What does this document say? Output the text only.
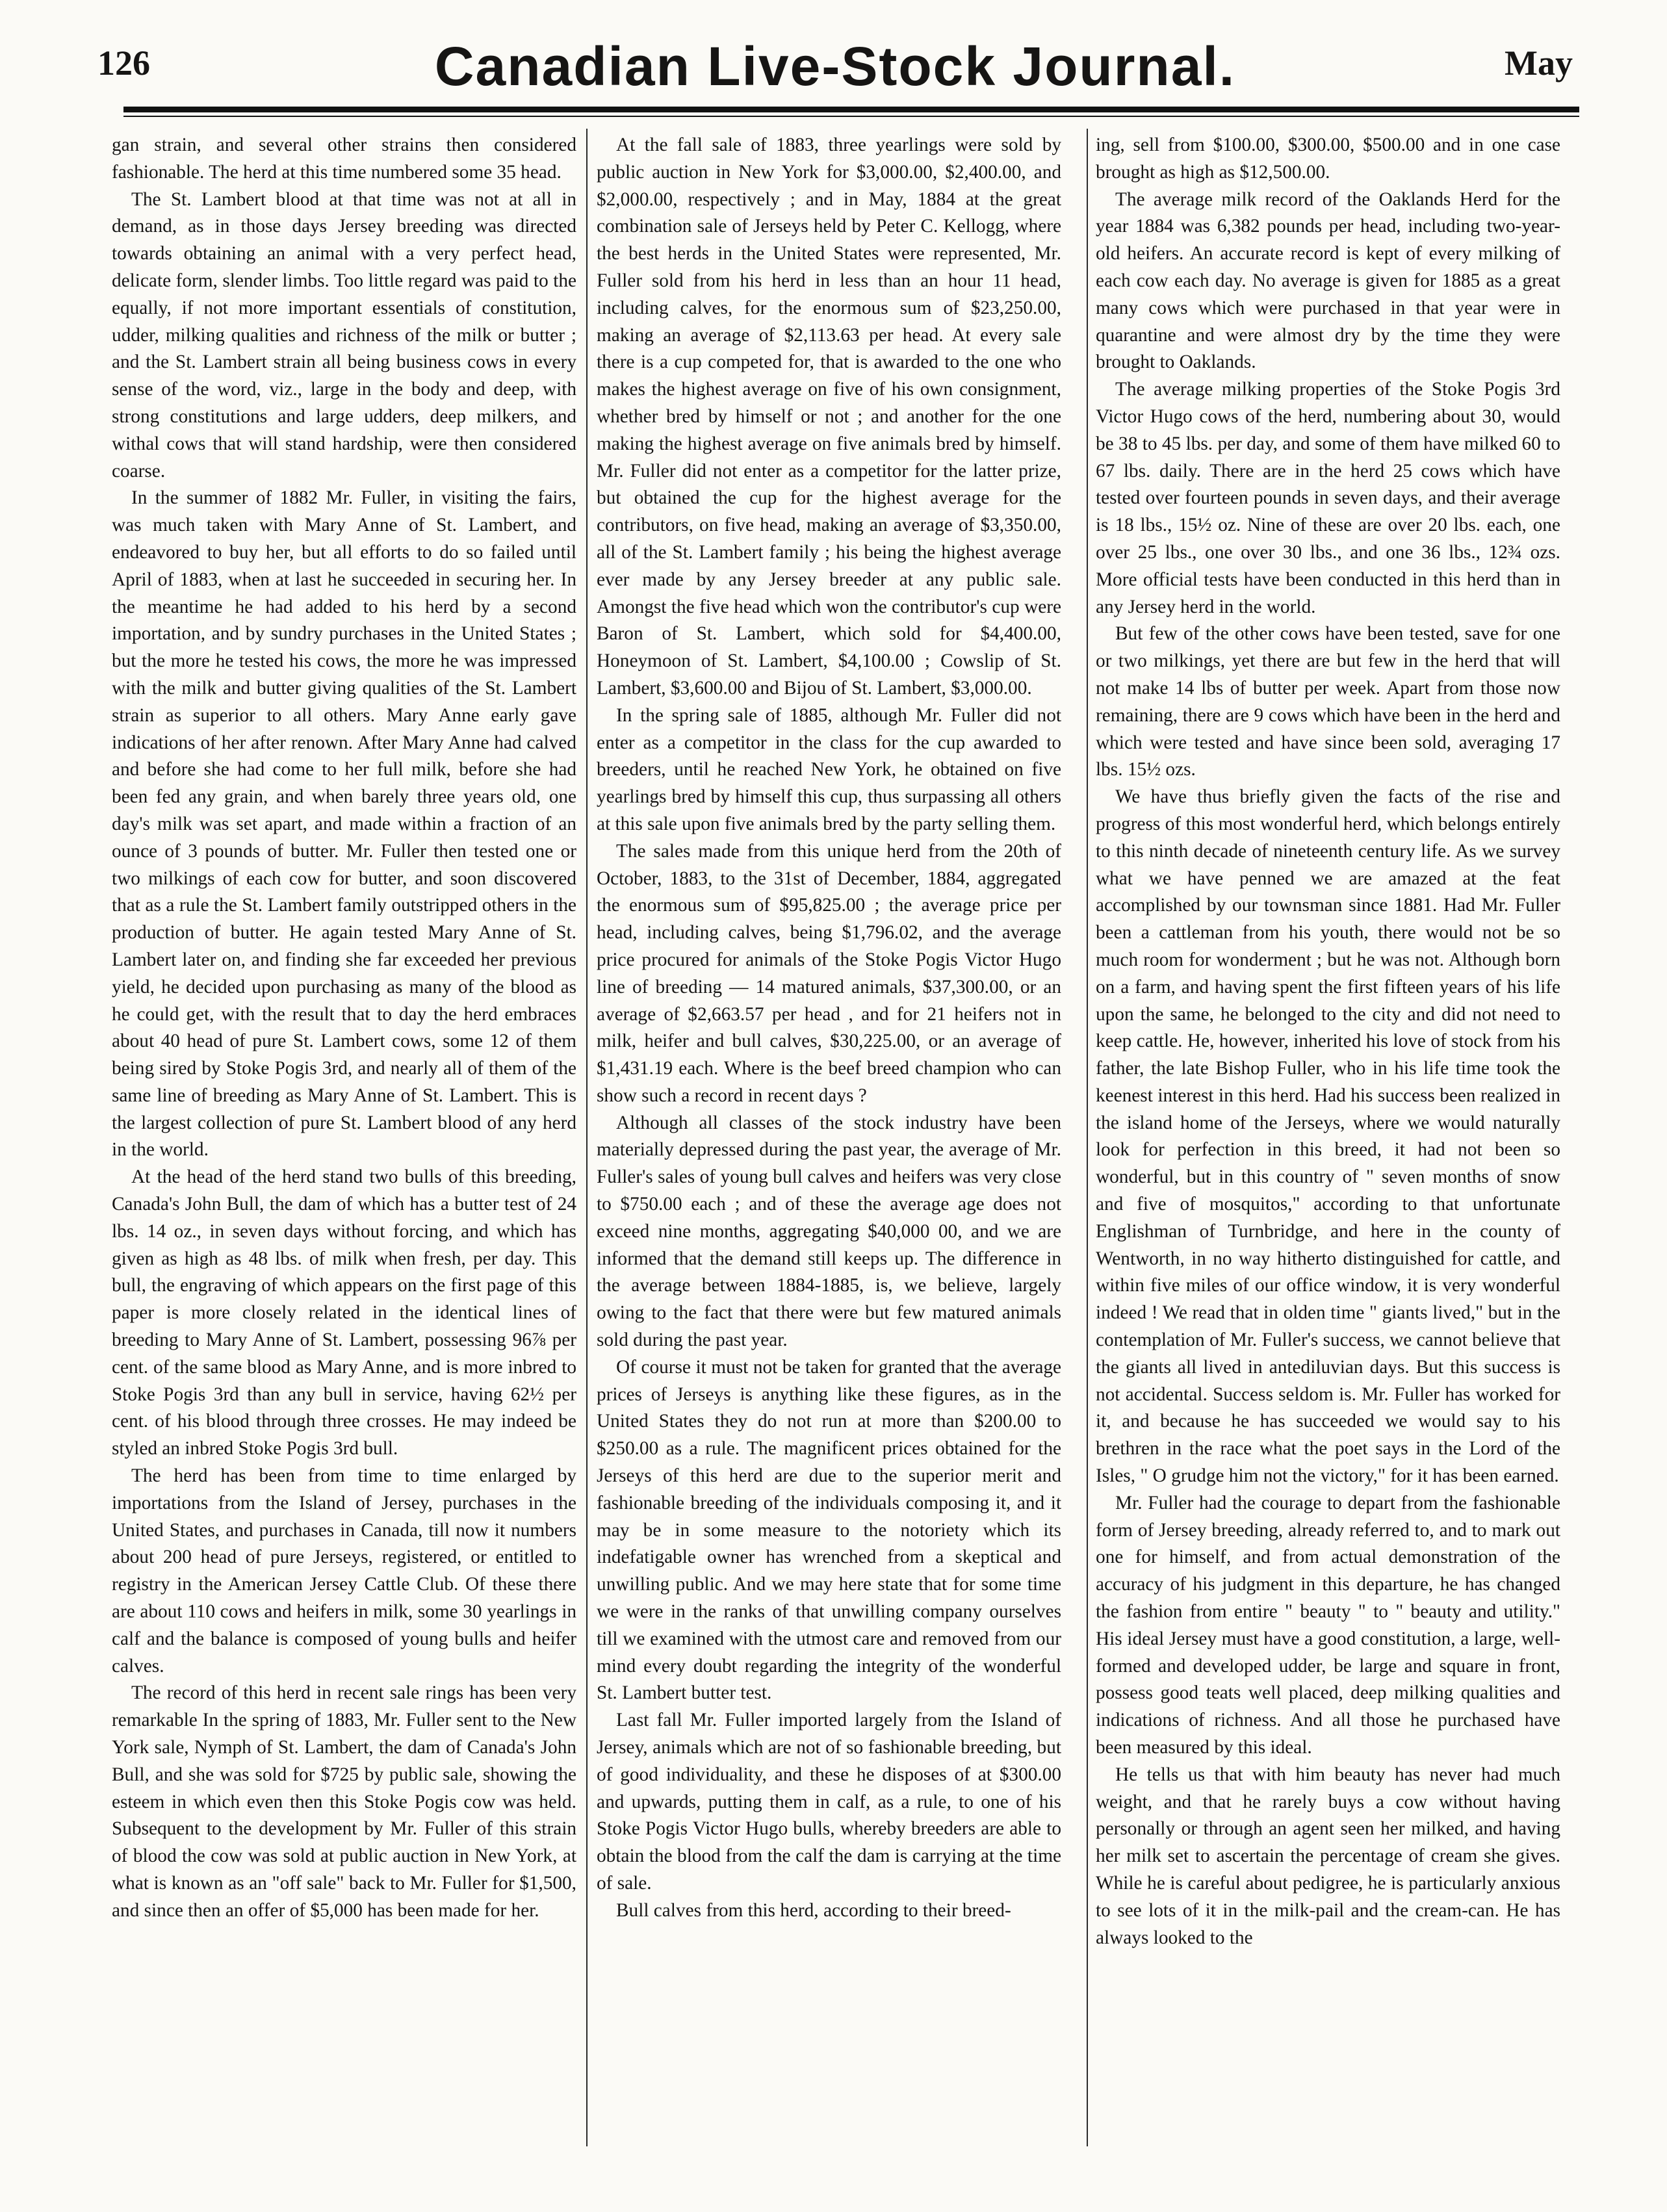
126	Canadian Live-Stock Journal.	May

gan strain, and several other strains then considered fashionable. The herd at this time numbered some 35 head.

The St. Lambert blood at that time was not at all in demand, as in those days Jersey breeding was directed towards obtaining an animal with a very perfect head, delicate form, slender limbs. Too little regard was paid to the equally, if not more important essentials of constitution, udder, milking qualities and richness of the milk or butter ; and the St. Lambert strain all being business cows in every sense of the word, viz., large in the body and deep, with strong constitutions and large udders, deep milkers, and withal cows that will stand hardship, were then considered coarse.

In the summer of 1882 Mr. Fuller, in visiting the fairs, was much taken with Mary Anne of St. Lambert, and endeavored to buy her, but all efforts to do so failed until April of 1883, when at last he succeeded in securing her. In the meantime he had added to his herd by a second importation, and by sundry purchases in the United States ; but the more he tested his cows, the more he was impressed with the milk and butter giving qualities of the St. Lambert strain as superior to all others. Mary Anne early gave indications of her after renown. After Mary Anne had calved and before she had come to her full milk, before she had been fed any grain, and when barely three years old, one day's milk was set apart, and made within a fraction of an ounce of 3 pounds of butter. Mr. Fuller then tested one or two milkings of each cow for butter, and soon discovered that as a rule the St. Lambert family outstripped others in the production of butter. He again tested Mary Anne of St. Lambert later on, and finding she far exceeded her previous yield, he decided upon purchasing as many of the blood as he could get, with the result that to day the herd embraces about 40 head of pure St. Lambert cows, some 12 of them being sired by Stoke Pogis 3rd, and nearly all of them of the same line of breeding as Mary Anne of St. Lambert. This is the largest collection of pure St. Lambert blood of any herd in the world.

At the head of the herd stand two bulls of this breeding, Canada's John Bull, the dam of which has a butter test of 24 lbs. 14 oz., in seven days without forcing, and which has given as high as 48 lbs. of milk when fresh, per day. This bull, the engraving of which appears on the first page of this paper is more closely related in the identical lines of breeding to Mary Anne of St. Lambert, possessing 96⅞ per cent. of the same blood as Mary Anne, and is more inbred to Stoke Pogis 3rd than any bull in service, having 62½ per cent. of his blood through three crosses. He may indeed be styled an inbred Stoke Pogis 3rd bull.

The herd has been from time to time enlarged by importations from the Island of Jersey, purchases in the United States, and purchases in Canada, till now it numbers about 200 head of pure Jerseys, registered, or entitled to registry in the American Jersey Cattle Club. Of these there are about 110 cows and heifers in milk, some 30 yearlings in calf and the balance is composed of young bulls and heifer calves.

The record of this herd in recent sale rings has been very remarkable In the spring of 1883, Mr. Fuller sent to the New York sale, Nymph of St. Lambert, the dam of Canada's John Bull, and she was sold for $725 by public sale, showing the esteem in which even then this Stoke Pogis cow was held. Subsequent to the development by Mr. Fuller of this strain of blood the cow was sold at public auction in New York, at what is known as an "off sale" back to Mr. Fuller for $1,500, and since then an offer of $5,000 has been made for her.

At the fall sale of 1883, three yearlings were sold by public auction in New York for $3,000.00, $2,400.00, and $2,000.00, respectively ; and in May, 1884 at the great combination sale of Jerseys held by Peter C. Kellogg, where the best herds in the United States were represented, Mr. Fuller sold from his herd in less than an hour 11 head, including calves, for the enormous sum of $23,250.00, making an average of $2,113.63 per head. At every sale there is a cup competed for, that is awarded to the one who makes the highest average on five of his own consignment, whether bred by himself or not ; and another for the one making the highest average on five animals bred by himself. Mr. Fuller did not enter as a competitor for the latter prize, but obtained the cup for the highest average for the contributors, on five head, making an average of $3,350.00, all of the St. Lambert family ; his being the highest average ever made by any Jersey breeder at any public sale. Amongst the five head which won the contributor's cup were Baron of St. Lambert, which sold for $4,400.00, Honeymoon of St. Lambert, $4,100.00 ; Cowslip of St. Lambert, $3,600.00 and Bijou of St. Lambert, $3,000.00.

In the spring sale of 1885, although Mr. Fuller did not enter as a competitor in the class for the cup awarded to breeders, until he reached New York, he obtained on five yearlings bred by himself this cup, thus surpassing all others at this sale upon five animals bred by the party selling them.

The sales made from this unique herd from the 20th of October, 1883, to the 31st of December, 1884, aggregated the enormous sum of $95,825.00 ; the average price per head, including calves, being $1,796.02, and the average price procured for animals of the Stoke Pogis Victor Hugo line of breeding — 14 matured animals, $37,300.00, or an average of $2,663.57 per head , and for 21 heifers not in milk, heifer and bull calves, $30,225.00, or an average of $1,431.19 each. Where is the beef breed champion who can show such a record in recent days ?

Although all classes of the stock industry have been materially depressed during the past year, the average of Mr. Fuller's sales of young bull calves and heifers was very close to $750.00 each ; and of these the average age does not exceed nine months, aggregating $40,000 00, and we are informed that the demand still keeps up. The difference in the average between 1884-1885, is, we believe, largely owing to the fact that there were but few matured animals sold during the past year.

Of course it must not be taken for granted that the average prices of Jerseys is anything like these figures, as in the United States they do not run at more than $200.00 to $250.00 as a rule. The magnificent prices obtained for the Jerseys of this herd are due to the superior merit and fashionable breeding of the individuals composing it, and it may be in some measure to the notoriety which its indefatigable owner has wrenched from a skeptical and unwilling public. And we may here state that for some time we were in the ranks of that unwilling company ourselves till we examined with the utmost care and removed from our mind every doubt regarding the integrity of the wonderful St. Lambert butter test.

Last fall Mr. Fuller imported largely from the Island of Jersey, animals which are not of so fashionable breeding, but of good individuality, and these he disposes of at $300.00 and upwards, putting them in calf, as a rule, to one of his Stoke Pogis Victor Hugo bulls, whereby breeders are able to obtain the blood from the calf the dam is carrying at the time of sale.

Bull calves from this herd, according to their breed-

ing, sell from $100.00, $300.00, $500.00 and in one case brought as high as $12,500.00.

The average milk record of the Oaklands Herd for the year 1884 was 6,382 pounds per head, including two-year-old heifers. An accurate record is kept of every milking of each cow each day. No average is given for 1885 as a great many cows which were purchased in that year were in quarantine and were almost dry by the time they were brought to Oaklands.

The average milking properties of the Stoke Pogis 3rd Victor Hugo cows of the herd, numbering about 30, would be 38 to 45 lbs. per day, and some of them have milked 60 to 67 lbs. daily. There are in the herd 25 cows which have tested over fourteen pounds in seven days, and their average is 18 lbs., 15½ oz. Nine of these are over 20 lbs. each, one over 25 lbs., one over 30 lbs., and one 36 lbs., 12¾ ozs. More official tests have been conducted in this herd than in any Jersey herd in the world.

But few of the other cows have been tested, save for one or two milkings, yet there are but few in the herd that will not make 14 lbs of butter per week. Apart from those now remaining, there are 9 cows which have been in the herd and which were tested and have since been sold, averaging 17 lbs. 15½ ozs.

We have thus briefly given the facts of the rise and progress of this most wonderful herd, which belongs entirely to this ninth decade of nineteenth century life. As we survey what we have penned we are amazed at the feat accomplished by our townsman since 1881. Had Mr. Fuller been a cattleman from his youth, there would not be so much room for wonderment ; but he was not. Although born on a farm, and having spent the first fifteen years of his life upon the same, he belonged to the city and did not need to keep cattle. He, however, inherited his love of stock from his father, the late Bishop Fuller, who in his life time took the keenest interest in this herd. Had his success been realized in the island home of the Jerseys, where we would naturally look for perfection in this breed, it had not been so wonderful, but in this country of " seven months of snow and five of mosquitos," according to that unfortunate Englishman of Turnbridge, and here in the county of Wentworth, in no way hitherto distinguished for cattle, and within five miles of our office window, it is very wonderful indeed ! We read that in olden time " giants lived," but in the contemplation of Mr. Fuller's success, we cannot believe that the giants all lived in antediluvian days. But this success is not accidental. Success seldom is. Mr. Fuller has worked for it, and because he has succeeded we would say to his brethren in the race what the poet says in the Lord of the Isles, " O grudge him not the victory," for it has been earned.

Mr. Fuller had the courage to depart from the fashionable form of Jersey breeding, already referred to, and to mark out one for himself, and from actual demonstration of the accuracy of his judgment in this departure, he has changed the fashion from entire " beauty " to " beauty and utility." His ideal Jersey must have a good constitution, a large, well-formed and developed udder, be large and square in front, possess good teats well placed, deep milking qualities and indications of richness. And all those he purchased have been measured by this ideal.

He tells us that with him beauty has never had much weight, and that he rarely buys a cow without having personally or through an agent seen her milked, and having her milk set to ascertain the percentage of cream she gives. While he is careful about pedigree, he is particularly anxious to see lots of it in the milk-pail and the cream-can. He has always looked to the
